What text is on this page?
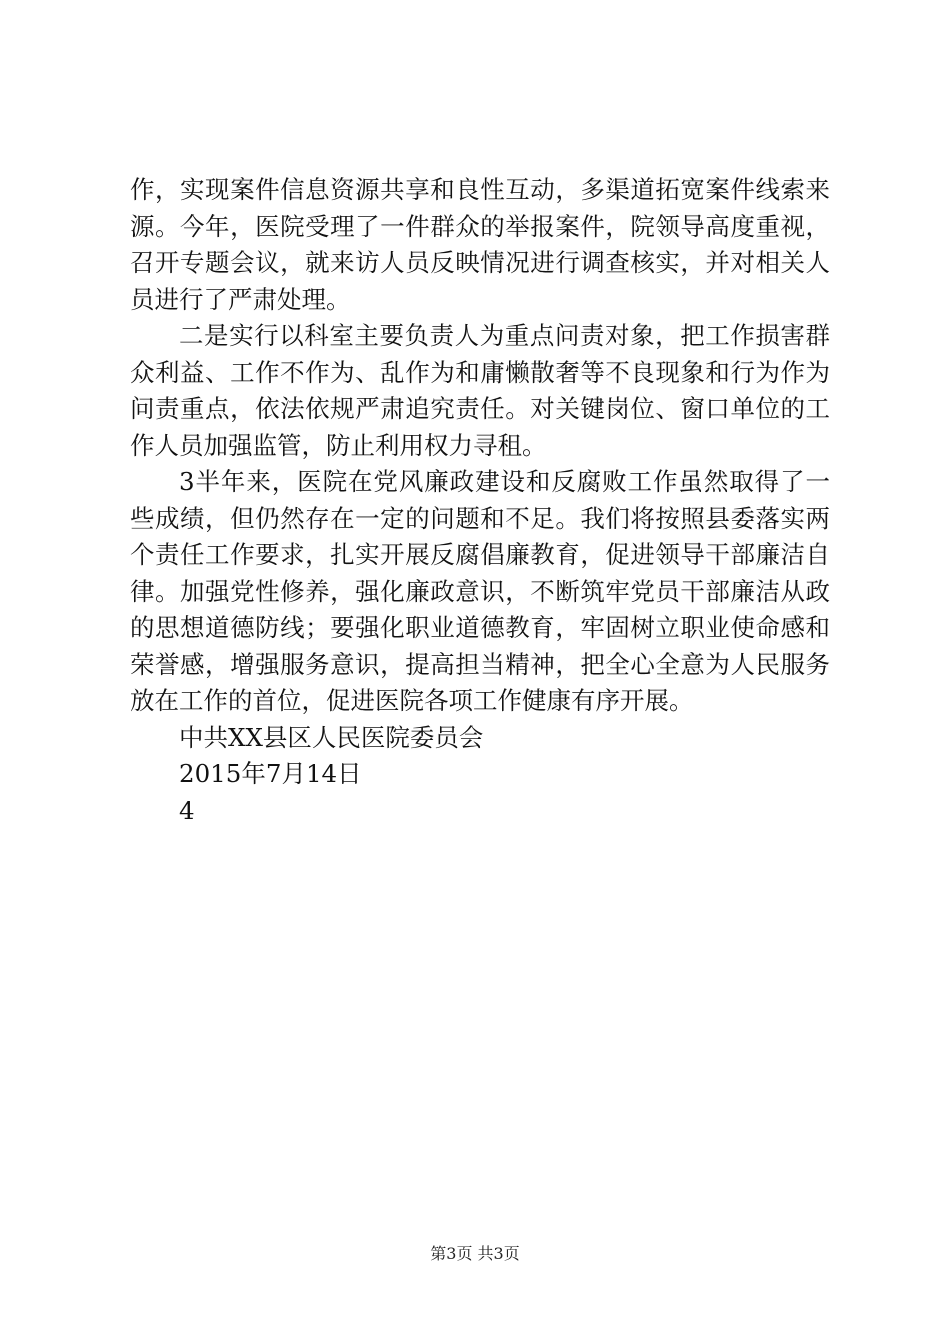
作，实现案件信息资源共享和良性互动，多渠道拓宽案件线索来源。今年，医院受理了一件群众的举报案件，院领导高度重视，召开专题会议，就来访人员反映情况进行调查核实，并对相关人员进行了严肃处理。

二是实行以科室主要负责人为重点问责对象，把工作损害群众利益、工作不作为、乱作为和庸懒散奢等不良现象和行为作为问责重点，依法依规严肃追究责任。对关键岗位、窗口单位的工作人员加强监管，防止利用权力寻租。

3半年来，医院在党风廉政建设和反腐败工作虽然取得了一些成绩，但仍然存在一定的问题和不足。我们将按照县委落实两个责任工作要求，扎实开展反腐倡廉教育，促进领导干部廉洁自律。加强党性修养，强化廉政意识，不断筑牢党员干部廉洁从政的思想道德防线；要强化职业道德教育，牢固树立职业使命感和荣誉感，增强服务意识，提高担当精神，把全心全意为人民服务放在工作的首位，促进医院各项工作健康有序开展。

中共XX县区人民医院委员会

2015年7月14日

4

第3页 共3页
